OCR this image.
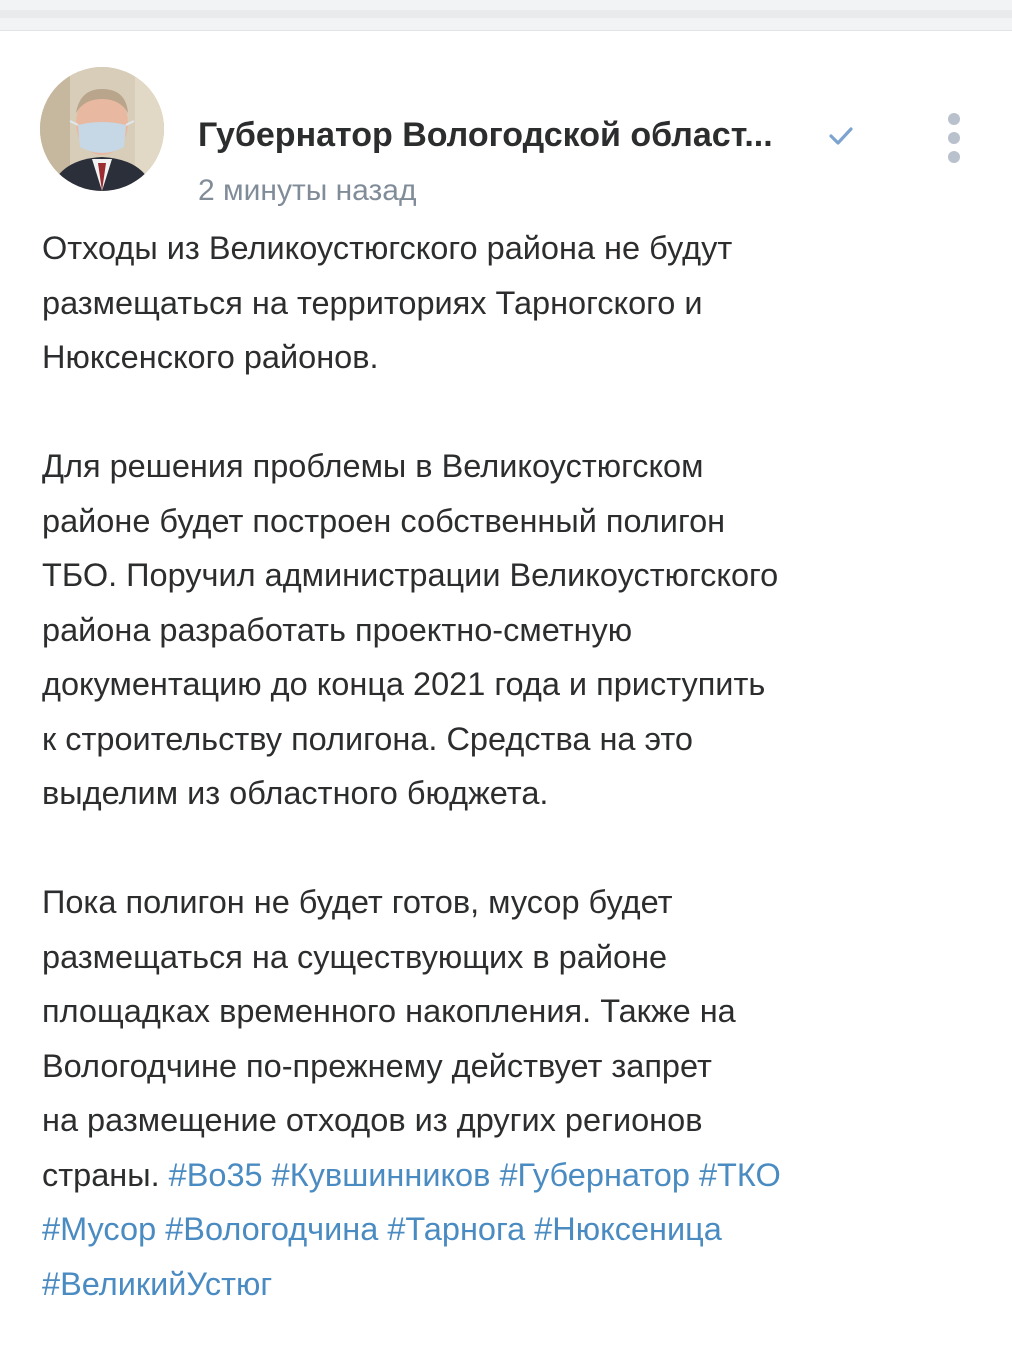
Губернатор Вологодской област...
2 минуты назад

Отходы из Великоустюгского района не будут
размещаться на территориях Тарногского и
Нюксенского районов.

Для решения проблемы в Великоустюгском
районе будет построен собственный полигон
ТБО. Поручил администрации Великоустюгского
района разработать проектно-сметную
документацию до конца 2021 года и приступить
к строительству полигона. Средства на это
выделим из областного бюджета.

Пока полигон не будет готов, мусор будет
размещаться на существующих в районе
площадках временного накопления. Также на
Вологодчине по-прежнему действует запрет
на размещение отходов из других регионов
страны. #Во35 #Кувшинников #Губернатор #ТКО
#Мусор #Вологодчина #Тарнога #Нюксеница
#ВеликийУстюг
